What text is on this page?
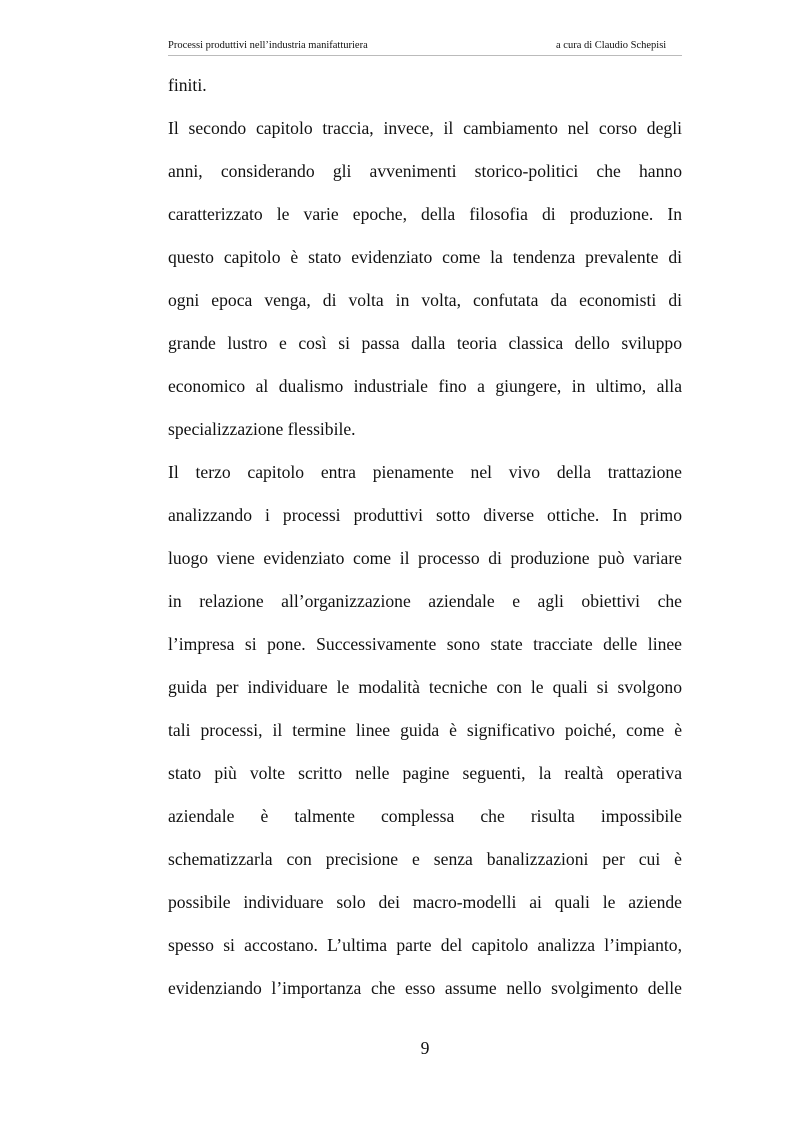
Processi produttivi nell’industria manifatturiera	a cura di Claudio Schepisi
finiti.
Il secondo capitolo traccia, invece, il cambiamento nel corso degli
anni, considerando gli avvenimenti storico-politici che hanno
caratterizzato le varie epoche, della filosofia di produzione. In
questo capitolo è stato evidenziato come la tendenza prevalente di
ogni epoca venga, di volta in volta, confutata da economisti di
grande lustro e così si passa dalla teoria classica dello sviluppo
economico al dualismo industriale fino a giungere, in ultimo, alla
specializzazione flessibile.
Il terzo capitolo entra pienamente nel vivo della trattazione
analizzando i processi produttivi sotto diverse ottiche. In primo
luogo viene evidenziato come il processo di produzione può variare
in relazione all’organizzazione aziendale e agli obiettivi che
l’impresa si pone. Successivamente sono state tracciate delle linee
guida per individuare le modalità tecniche con le quali si svolgono
tali processi, il termine linee guida è significativo poiché, come è
stato più volte scritto nelle pagine seguenti, la realtà operativa
aziendale è talmente complessa che risulta impossibile
schematizzarla con precisione e senza banalizzazioni per cui è
possibile individuare solo dei macro-modelli ai quali le aziende
spesso si accostano. L’ultima parte del capitolo analizza l’impianto,
evidenziando l’importanza che esso assume nello svolgimento delle
9
